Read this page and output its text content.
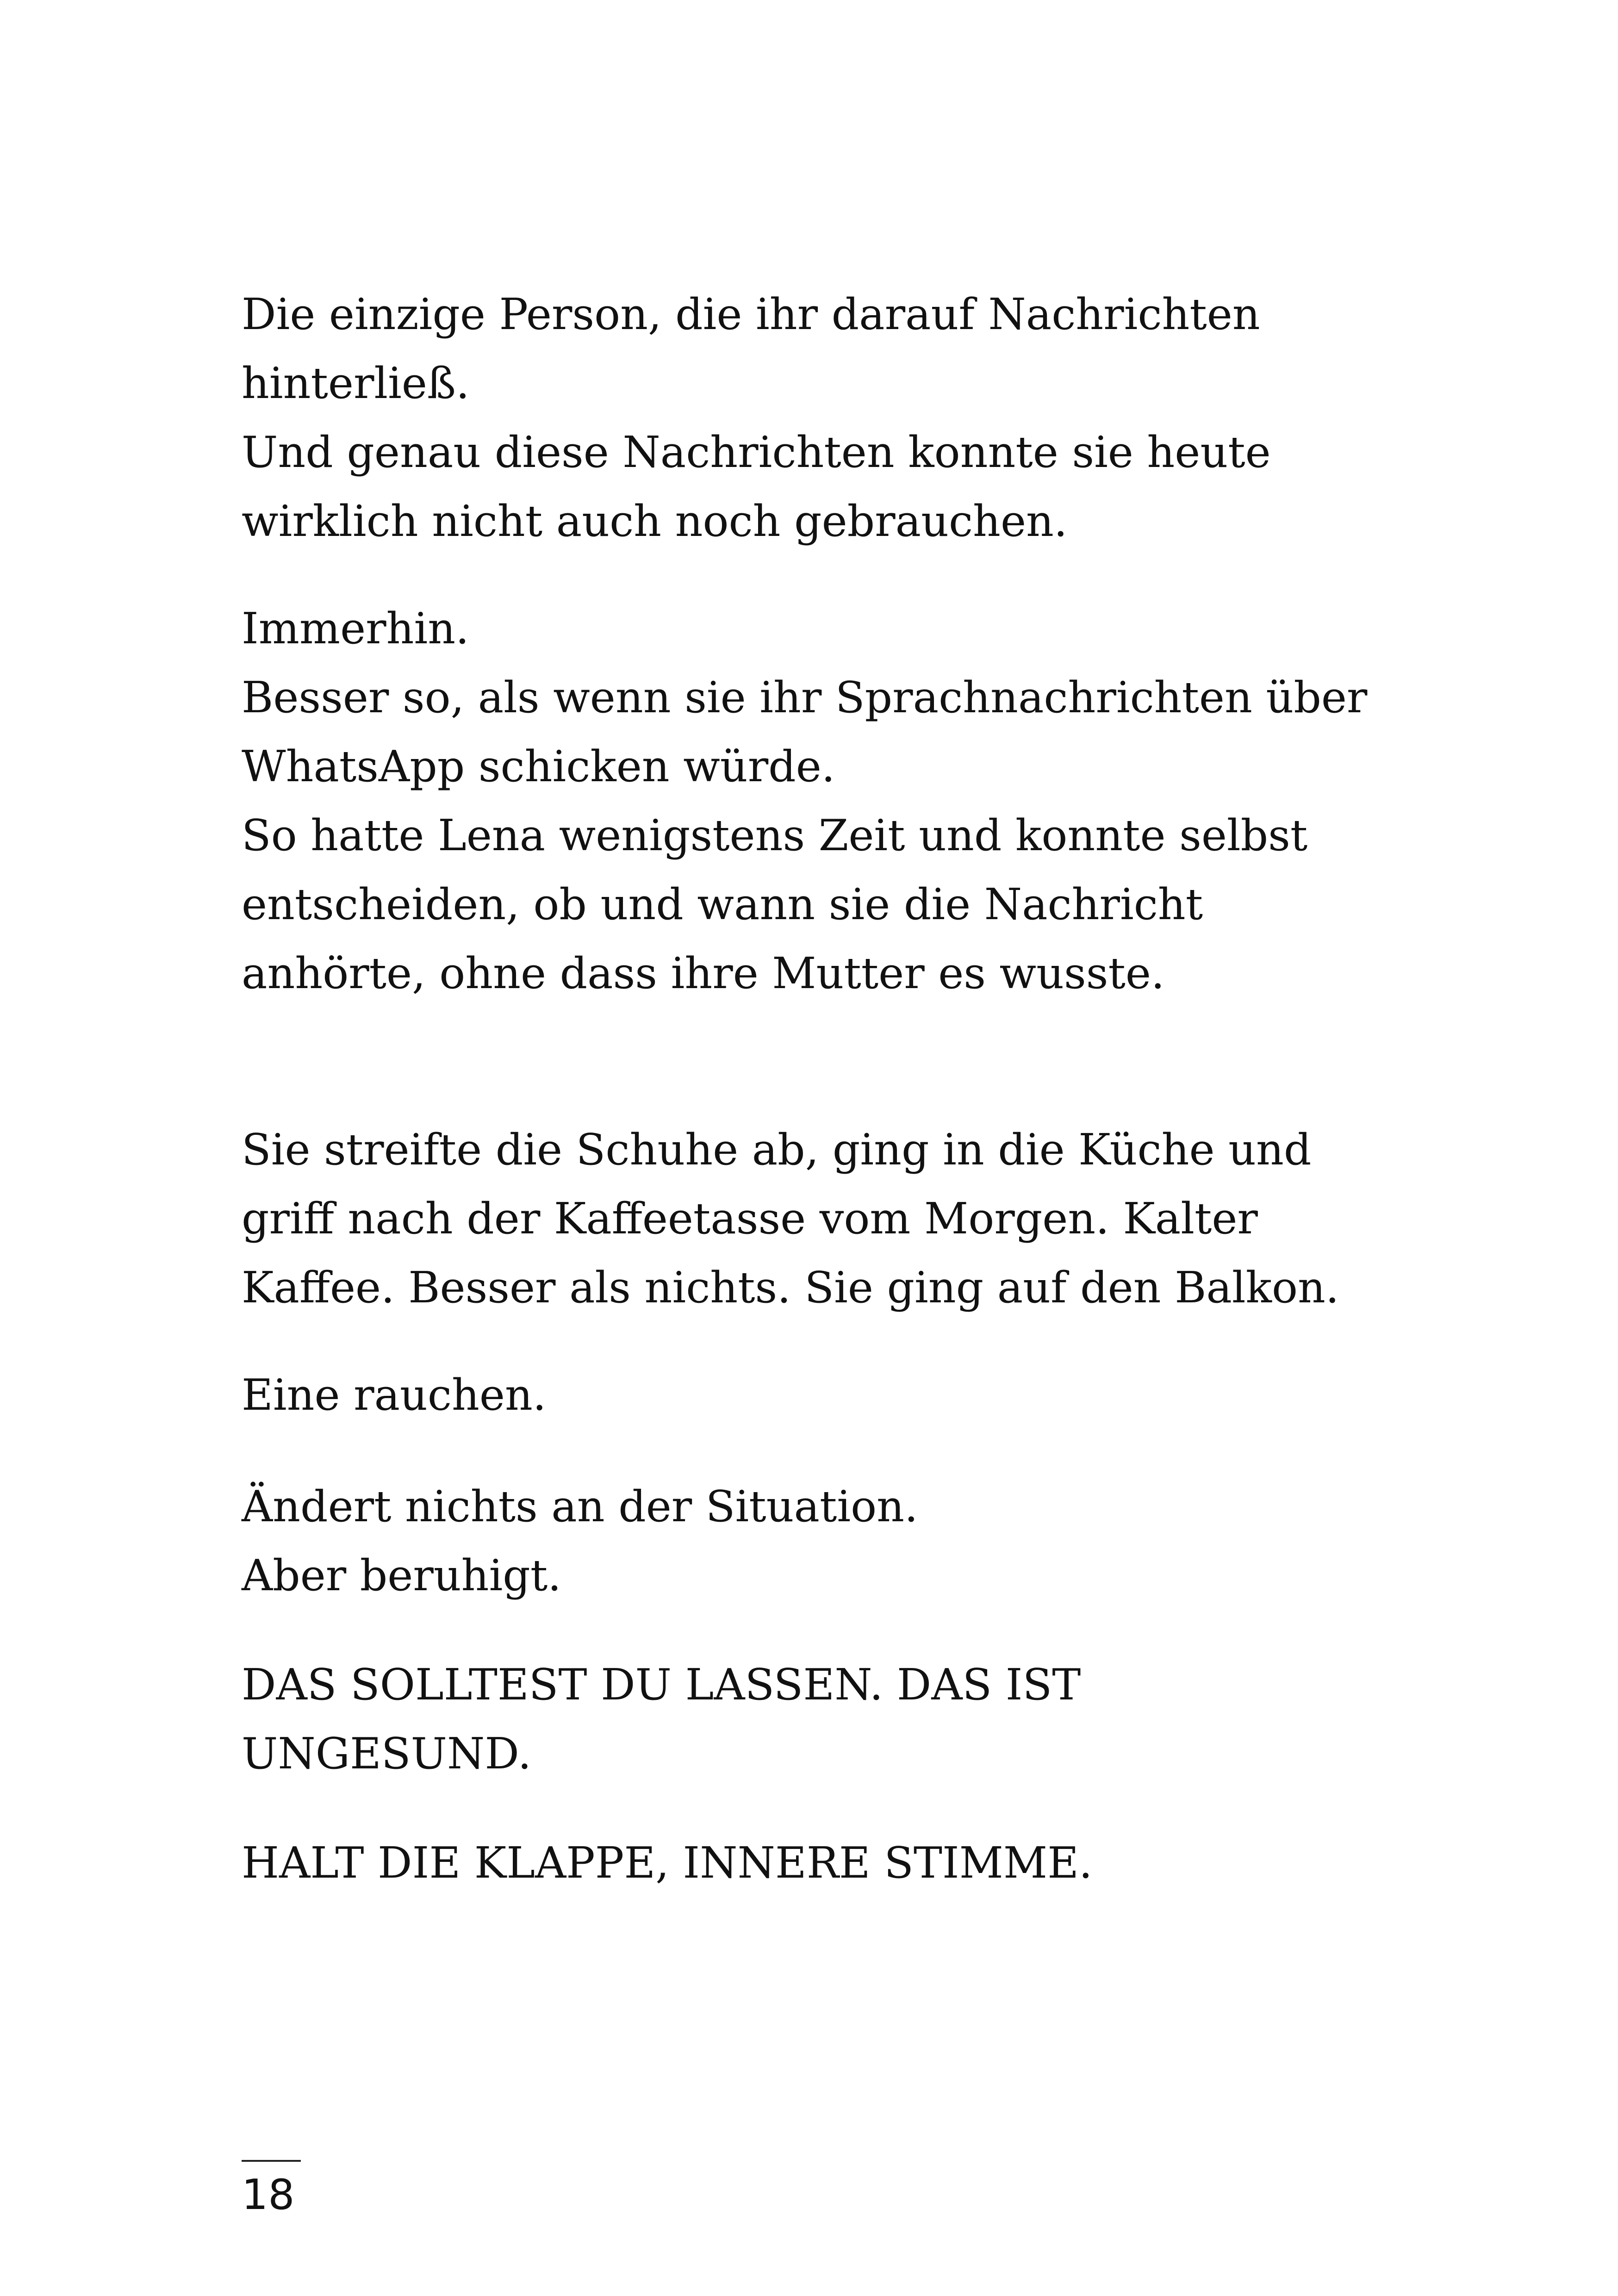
Die einzige Person, die ihr darauf Nachrichten
hinterließ.
Und genau diese Nachrichten konnte sie heute
wirklich nicht auch noch gebrauchen.

Immerhin.
Besser so, als wenn sie ihr Sprachnachrichten über
WhatsApp schicken würde.
So hatte Lena wenigstens Zeit und konnte selbst
entscheiden, ob und wann sie die Nachricht
anhörte, ohne dass ihre Mutter es wusste.

Sie streifte die Schuhe ab, ging in die Küche und
griff nach der Kaffeetasse vom Morgen. Kalter
Kaffee. Besser als nichts. Sie ging auf den Balkon.

Eine rauchen.

Ändert nichts an der Situation.
Aber beruhigt.

DAS SOLLTEST DU LASSEN. DAS IST
UNGESUND.

HALT DIE KLAPPE, INNERE STIMME.

18
